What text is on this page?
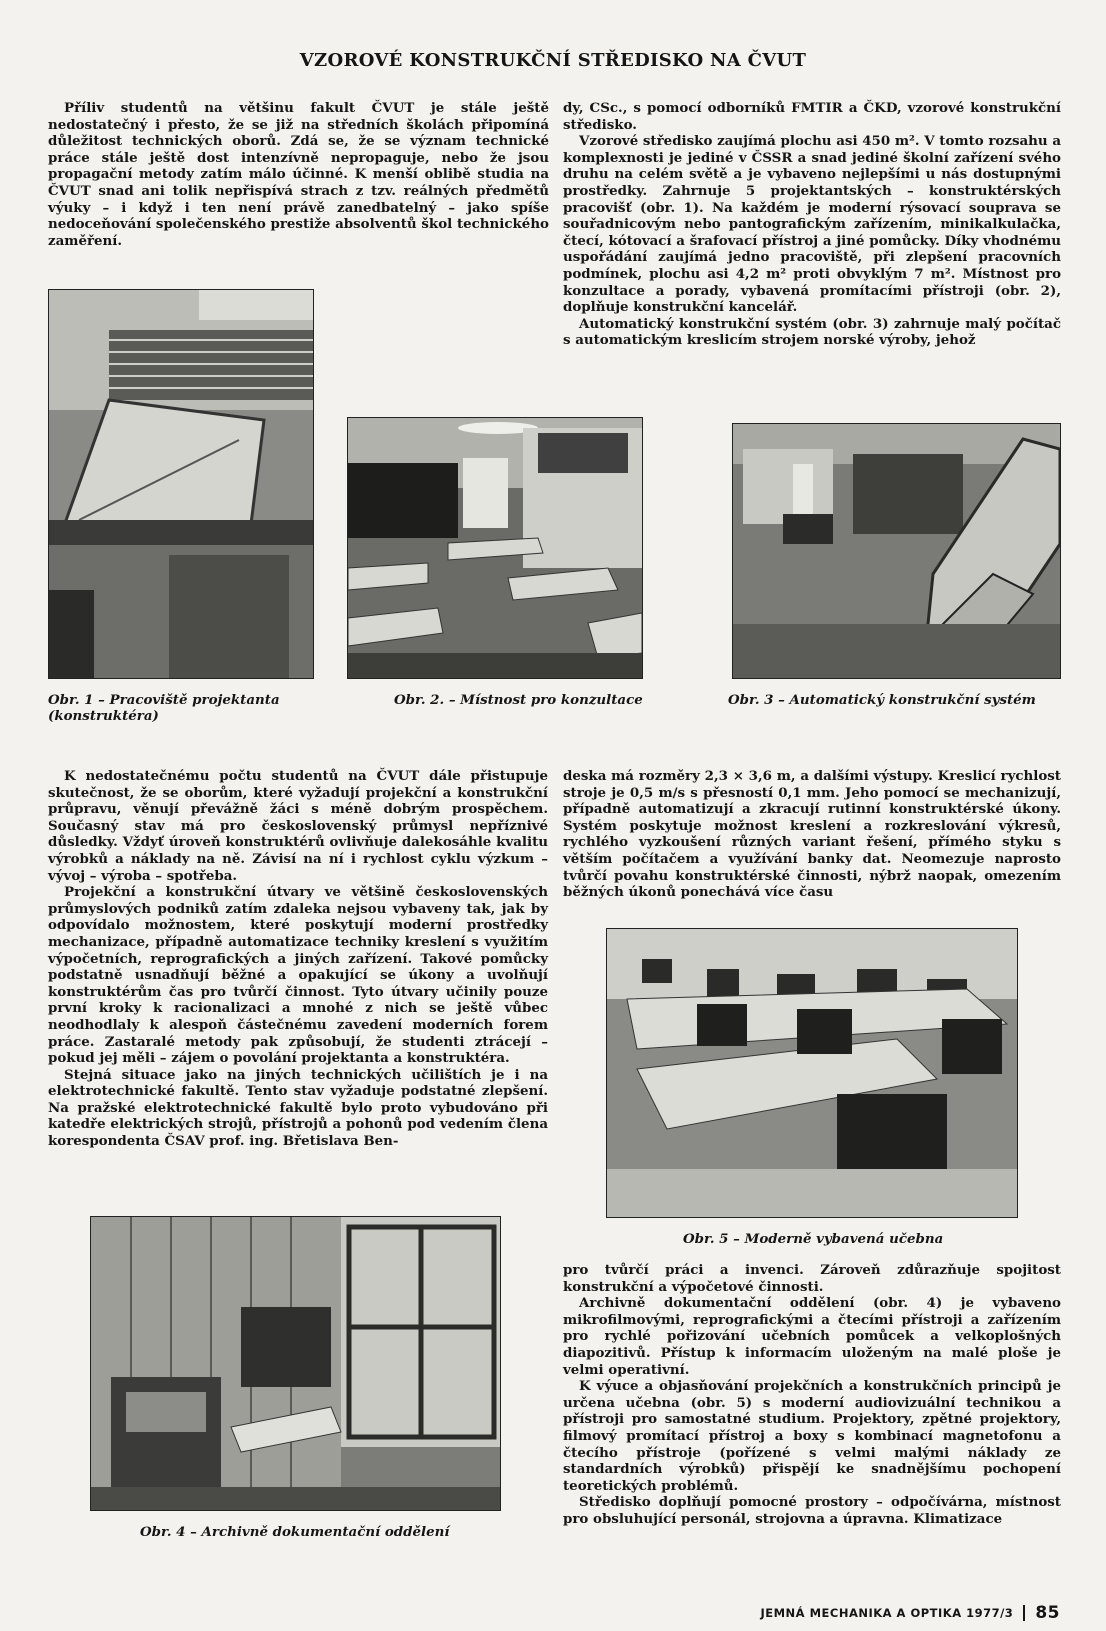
VZOROVÉ KONSTRUKČNÍ STŘEDISKO NA ČVUT

Příliv studentů na většinu fakult ČVUT je stále ještě nedostatečný i přesto, že se již na středních školách připomíná důležitost technických oborů. Zdá se, že se význam technické práce stále ještě dost intenzívně nepropaguje, nebo že jsou propagační metody zatím málo účinné. K menší oblibě studia na ČVUT snad ani tolik nepřispívá strach z tzv. reálných předmětů výuky – i když i ten není právě zanedbatelný – jako spíše nedoceňování společenského prestiže absolventů škol technického zaměření.

dy, CSc., s pomocí odborníků FMTIR a ČKD, vzorové konstrukční středisko.

Vzorové středisko zaujímá plochu asi 450 m². V tomto rozsahu a komplexnosti je jediné v ČSSR a snad jediné školní zařízení svého druhu na celém světě a je vybaveno nejlepšími u nás dostupnými prostředky. Zahrnuje 5 projektantských – konstruktérských pracovišť (obr. 1). Na každém je moderní rýsovací souprava se souřadnicovým nebo pantografickým zařízením, minikalkulačka, čtecí, kótovací a šrafovací přístroj a jiné pomůcky. Díky vhodnému uspořádání zaujímá jedno pracoviště, při zlepšení pracovních podmínek, plochu asi 4,2 m² proti obvyklým 7 m². Místnost pro konzultace a porady, vybavená promítacími přístroji (obr. 2), doplňuje konstrukční kancelář.

Automatický konstrukční systém (obr. 3) zahrnuje malý počítač s automatickým kreslicím strojem norské výroby, jehož

Obr. 1 – Pracoviště projektanta (konstruktéra)
Obr. 2. – Místnost pro konzultace	Obr. 3 – Automatický konstrukční systém

K nedostatečnému počtu studentů na ČVUT dále přistupuje skutečnost, že se oborům, které vyžadují projekční a konstrukční průpravu, věnují převážně žáci s méně dobrým prospěchem. Současný stav má pro československý průmysl nepříznivé důsledky. Vždyť úroveň konstruktérů ovlivňuje dalekosáhle kvalitu výrobků a náklady na ně. Závisí na ní i rychlost cyklu výzkum – vývoj – výroba – spotřeba.

Projekční a konstrukční útvary ve většině československých průmyslových podniků zatím zdaleka nejsou vybaveny tak, jak by odpovídalo možnostem, které poskytují moderní prostředky mechanizace, případně automatizace techniky kreslení s využitím výpočetních, reprografických a jiných zařízení. Takové pomůcky podstatně usnadňují běžné a opakující se úkony a uvolňují konstruktérům čas pro tvůrčí činnost. Tyto útvary učinily pouze první kroky k racionalizaci a mnohé z nich se ještě vůbec neodhodlaly k alespoň částečnému zavedení moderních forem práce. Zastaralé metody pak způsobují, že studenti ztrácejí – pokud jej měli – zájem o povolání projektanta a konstruktéra.

Stejná situace jako na jiných technických učilištích je i na elektrotechnické fakultě. Tento stav vyžaduje podstatné zlepšení. Na pražské elektrotechnické fakultě bylo proto vybudováno při katedře elektrických strojů, přístrojů a pohonů pod vedením člena korespondenta ČSAV prof. ing. Břetislava Ben-

deska má rozměry 2,3 × 3,6 m, a dalšími výstupy. Kreslicí rychlost stroje je 0,5 m/s s přesností 0,1 mm. Jeho pomocí se mechanizují, případně automatizují a zkracují rutinní konstruktérské úkony. Systém poskytuje možnost kreslení a rozkreslování výkresů, rychlého vyzkoušení různých variant řešení, přímého styku s větším počítačem a využívání banky dat. Neomezuje naprosto tvůrčí povahu konstruktérské činnosti, nýbrž naopak, omezením běžných úkonů ponechává více času

Obr. 5 – Moderně vybavená učebna
Obr. 4 – Archivně dokumentační oddělení

pro tvůrčí práci a invenci. Zároveň zdůrazňuje spojitost konstrukční a výpočetové činnosti.

Archivně dokumentační oddělení (obr. 4) je vybaveno mikrofilmovými, reprografickými a čtecími přístroji a zařízením pro rychlé pořizování učebních pomůcek a velkoplošných diapozitivů. Přístup k informacím uloženým na malé ploše je velmi operativní.

K výuce a objasňování projekčních a konstrukčních principů je určena učebna (obr. 5) s moderní audiovizuální technikou a přístroji pro samostatné studium. Projektory, zpětné projektory, filmový promítací přístroj a boxy s kombinací magnetofonu a čtecího přístroje (pořízené s velmi malými náklady ze standardních výrobků) přispějí ke snadnějšímu pochopení teoretických problémů.

Středisko doplňují pomocné prostory – odpočívárna, místnost pro obsluhující personál, strojovna a úpravna. Klimatizace

JEMNÁ MECHANIKA A OPTIKA 1977/3 85
